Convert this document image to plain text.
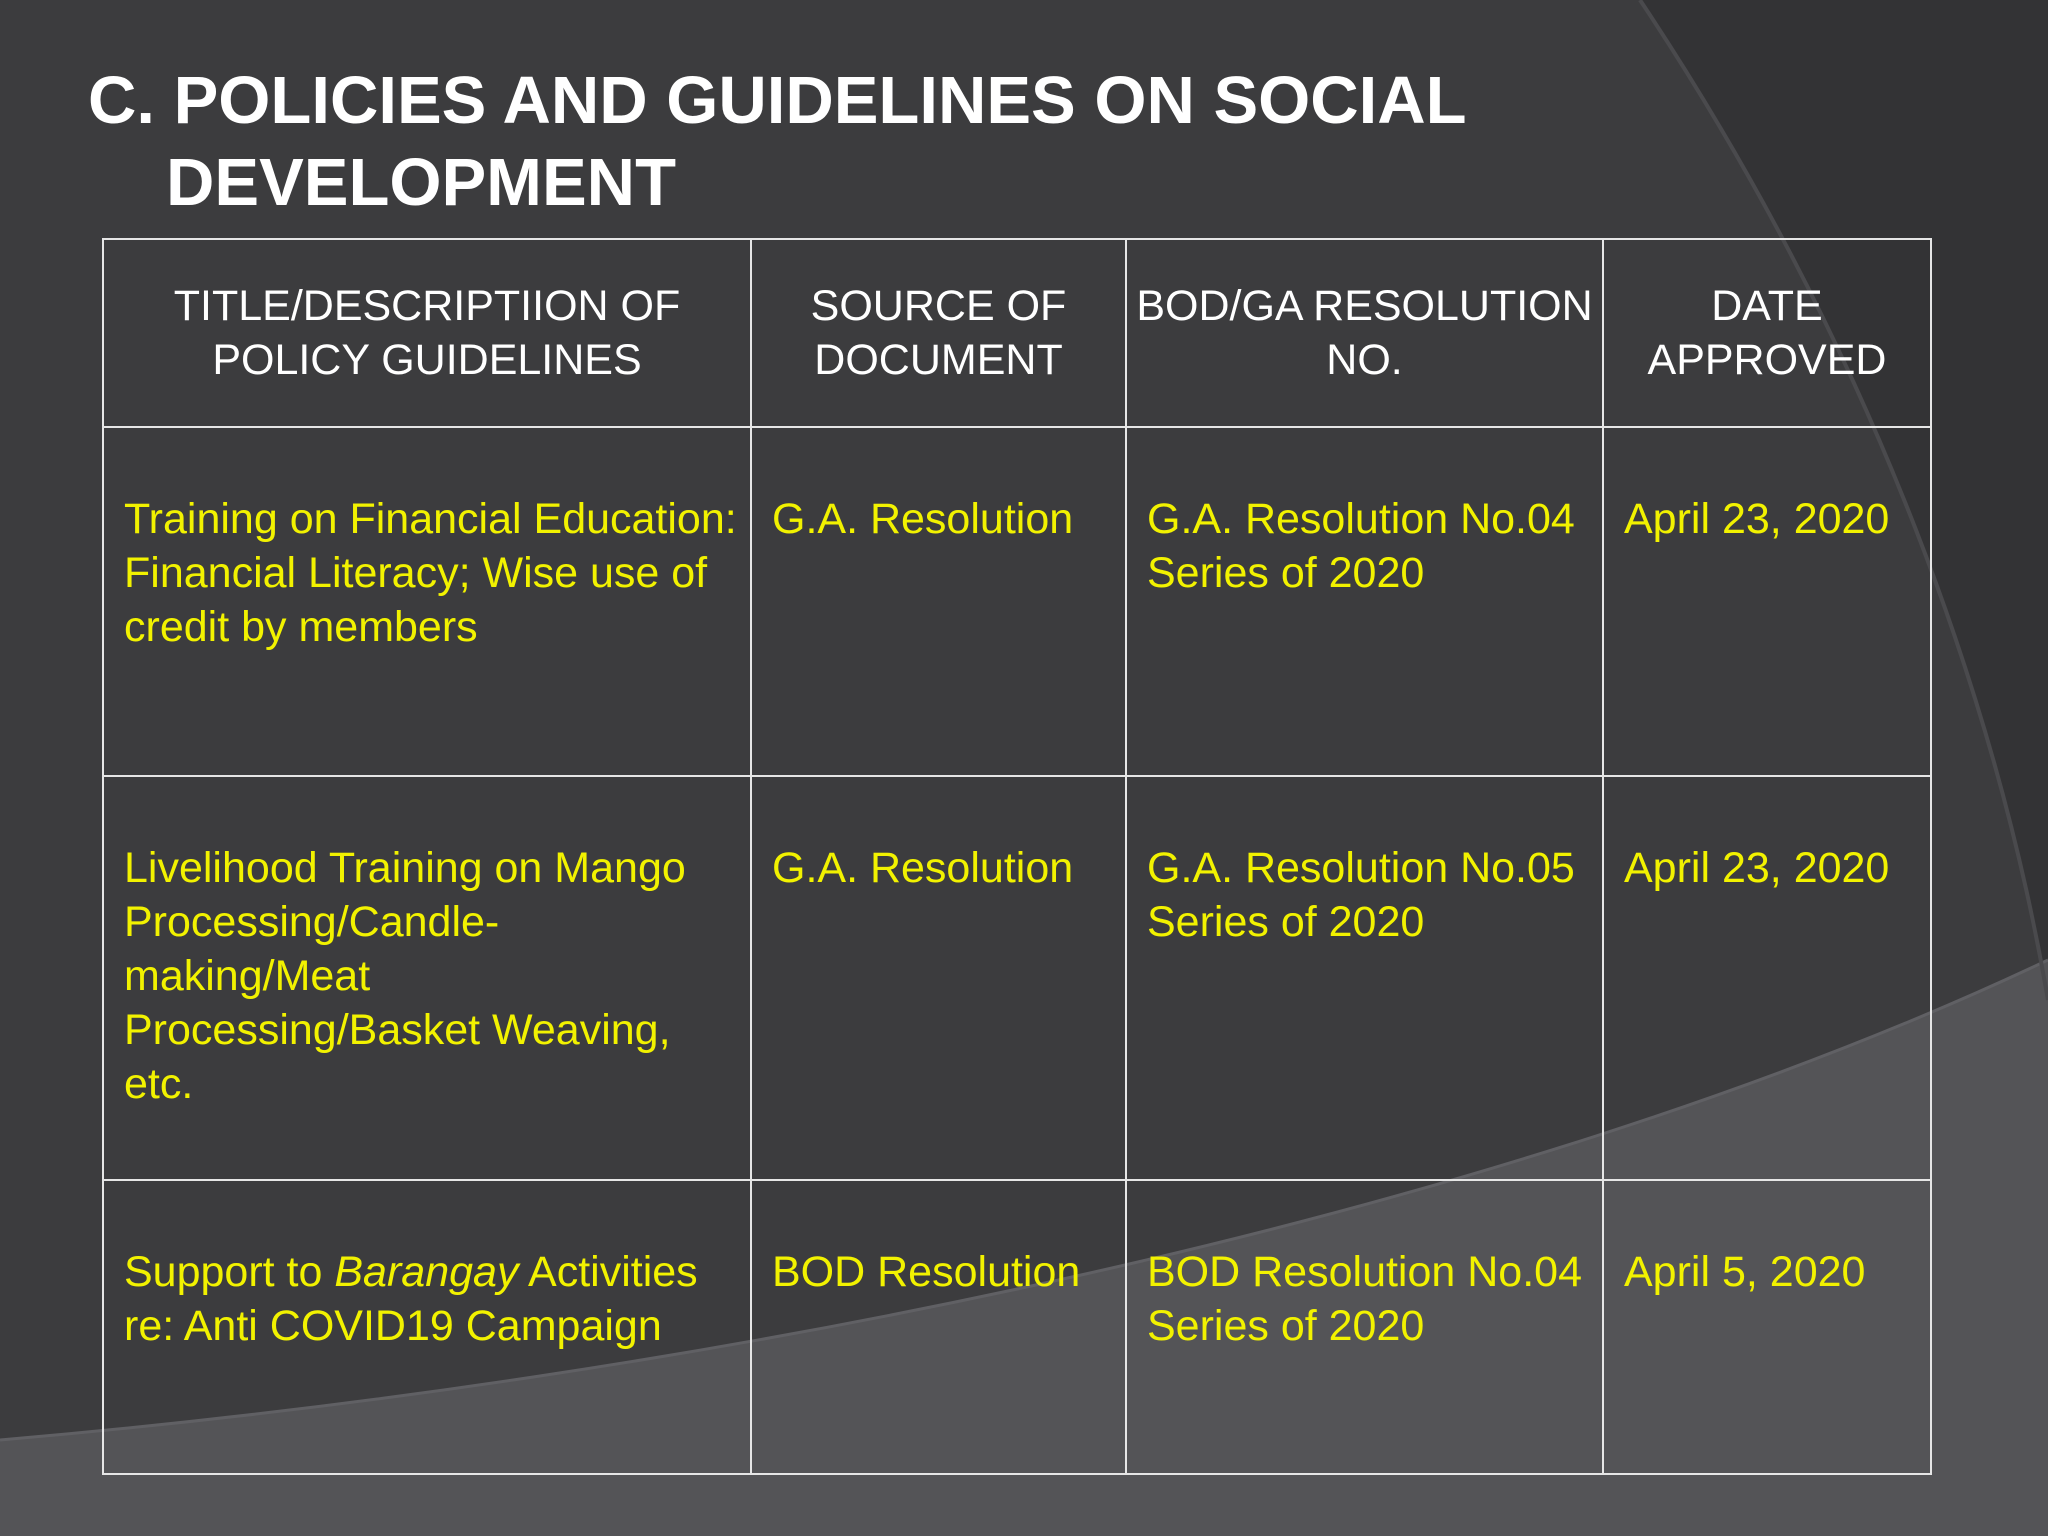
C. POLICIES AND GUIDELINES ON SOCIAL
DEVELOPMENT
TITLE/DESCRIPTIION OF POLICY GUIDELINES	SOURCE OF DOCUMENT	BOD/GA RESOLUTION NO.	DATE APPROVED
Training on Financial Education: Financial Literacy; Wise use of credit by members	G.A. Resolution	G.A. Resolution No.04 Series of 2020	April 23, 2020
Livelihood Training on Mango Processing/Candle-making/Meat Processing/Basket Weaving, etc.	G.A. Resolution	G.A. Resolution No.05 Series of 2020	April 23, 2020
Support to Barangay Activities re: Anti COVID19 Campaign	BOD Resolution	BOD Resolution No.04 Series of 2020	April 5, 2020
